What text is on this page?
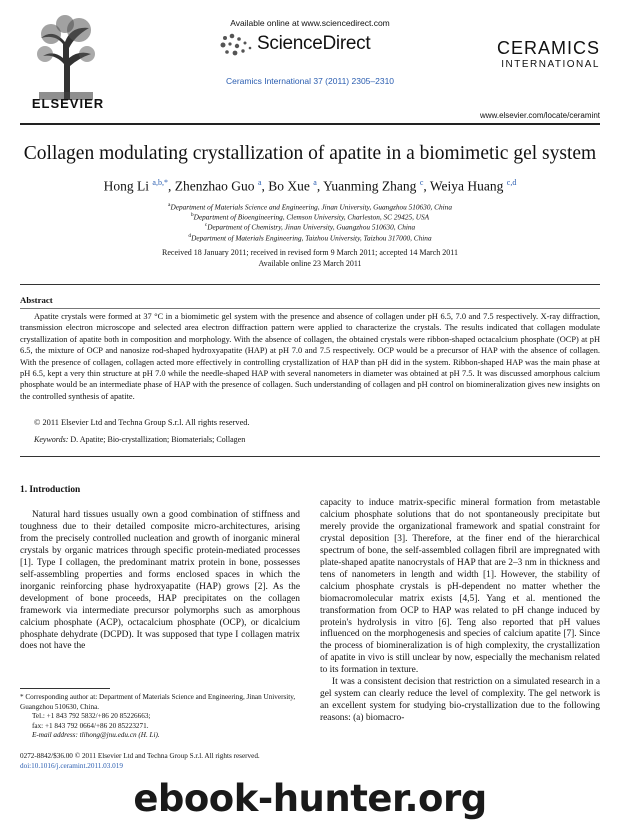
ELSEVIER
Available online at www.sciencedirect.com
ScienceDirect
Ceramics International 37 (2011) 2305–2310
CERAMICS
INTERNATIONAL
www.elsevier.com/locate/ceramint
Collagen modulating crystallization of apatite in a biomimetic gel system
Hong Li $^{a,b,*}$, Zhenzhao Guo $^a$, Bo Xue $^a$, Yuanming Zhang $^c$, Weiya Huang $^{c,d}$
$^a$Department of Materials Science and Engineering, Jinan University, Guangzhou 510630, China
$^b$Department of Bioengineering, Clemson University, Charleston, SC 29425, USA
$^c$Department of Chemistry, Jinan University, Guangzhou 510630, China
$^d$Department of Materials Engineering, Taizhou University, Taizhou 317000, China
Received 18 January 2011; received in revised form 9 March 2011; accepted 14 March 2011
Available online 23 March 2011
Abstract
Apatite crystals were formed at 37 °C in a biomimetic gel system with the presence and absence of collagen under pH 6.5, 7.0 and 7.5 respectively. X-ray diffraction, transmission electron microscope and selected area electron diffraction pattern were applied to characterize the crystals. The results indicated that collagen modulate crystallization of apatite both in composition and morphology. With the absence of collagen, the obtained crystals were ribbon-shaped octacalcium phosphate (OCP) at pH 6.5, the mixture of OCP and nanosize rod-shaped hydroxyapatite (HAP) at pH 7.0 and 7.5 respectively. OCP would be a precursor of HAP with the absence of collagen. With the presence of collagen, collagen acted more effectively in controlling crystallization of HAP than pH did in the system. Ribbon-shaped HAP was the main phase at pH 6.5, kept a very thin structure at pH 7.0 while the needle-shaped HAP with several nanometers in diameter was obtained at pH 7.5. It was discussed amorphous calcium phosphate would be an intermediate phase of HAP with the presence of collagen. Such understanding of collagen and pH control on biomineralization gives new insights on the controlled synthesis of apatite.
© 2011 Elsevier Ltd and Techna Group S.r.l. All rights reserved.
Keywords: D. Apatite; Bio-crystallization; Biomaterials; Collagen
1. Introduction

Natural hard tissues usually own a good combination of stiffness and toughness due to their detailed composite micro-architectures, arising from the precisely controlled nucleation and growth of inorganic mineral crystals by organic matrices through specific protein-mediated processes [1]. Type I collagen, the predominant matrix protein in bone, possesses self-assembling properties and forms enclosed spaces in which the inorganic reinforcing phase hydroxyapatite (HAP) grows [2]. As the development of bone proceeds, HAP precipitates on the collagen framework via intermediate precursor polymorphs such as amorphous calcium phosphate (ACP), octacalcium phosphate (OCP), or dicalcium phosphate dehydrate (DCPD). It was supposed that type I collagen matrix does not have the

capacity to induce matrix-specific mineral formation from metastable calcium phosphate solutions that do not spontaneously precipitate but merely provide the organizational framework and spatial constraint for crystal deposition [3]. Therefore, at the finer end of the hierarchical spectrum of bone, the self-assembled collagen fibril are impregnated with plate-shaped apatite nanocrystals of HAP that are 2–3 nm in thickness and tens of nanometers in length and width [1]. However, the stability of calcium phosphate crystals is pH-dependent no matter whether the biomacromolecular matrix exists [4,5]. Yang et al. mentioned the transformation from OCP to HAP was related to pH change induced by protein's hydrolysis in vitro [6]. Teng also reported that pH values influenced on the morphogenesis and species of calcium apatite [7]. Since the process of biomineralization is of high complexity, the crystallization of apatite in vivo is still unclear by now, especially the mechanism related to its formation in texture.

It was a consistent decision that restriction on a simulated research in a gel system can clearly reduce the level of complexity. The gel network is an excellent system for studying bio-crystallization due to the following reasons: (a) biomacro-

* Corresponding author at: Department of Materials Science and Engineering, Jinan University, Guangzhou 510630, China.
Tel.: +1 843 792 5832/+86 20 85226663;
fax: +1 843 792 0664/+86 20 85223271.
E-mail address: tlihong@jnu.edu.cn (H. Li).
0272-8842/$36.00 © 2011 Elsevier Ltd and Techna Group S.r.l. All rights reserved.
doi:10.1016/j.ceramint.2011.03.019
ebook-hunter.org
